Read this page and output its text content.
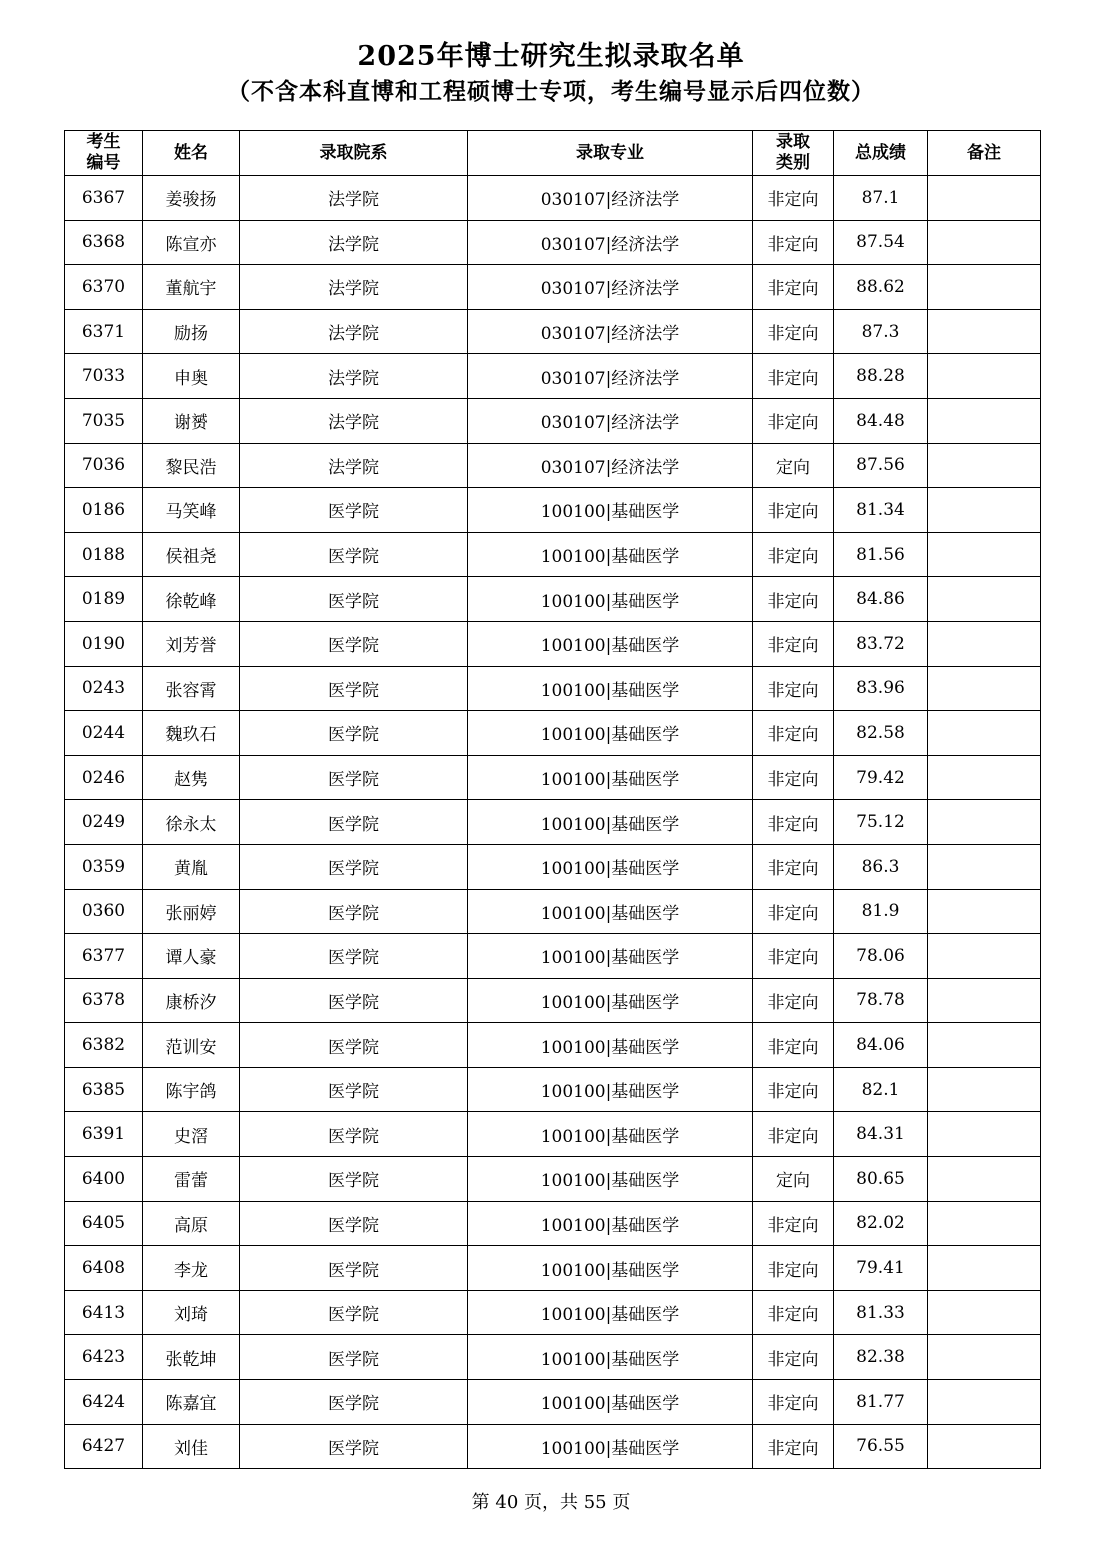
2025年博士研究生拟录取名单
（不含本科直博和工程硕博士专项，考生编号显示后四位数）
考生编号	姓名	录取院系	录取专业	录取类别	总成绩	备注
6367	姜骏扬	法学院	030107|经济法学	非定向	87.1	
6368	陈宣亦	法学院	030107|经济法学	非定向	87.54	
6370	董航宇	法学院	030107|经济法学	非定向	88.62	
6371	励扬	法学院	030107|经济法学	非定向	87.3	
7033	申奥	法学院	030107|经济法学	非定向	88.28	
7035	谢赟	法学院	030107|经济法学	非定向	84.48	
7036	黎民浩	法学院	030107|经济法学	定向	87.56	
0186	马笑峰	医学院	100100|基础医学	非定向	81.34	
0188	侯祖尧	医学院	100100|基础医学	非定向	81.56	
0189	徐乾峰	医学院	100100|基础医学	非定向	84.86	
0190	刘芳誉	医学院	100100|基础医学	非定向	83.72	
0243	张容霄	医学院	100100|基础医学	非定向	83.96	
0244	魏玖石	医学院	100100|基础医学	非定向	82.58	
0246	赵隽	医学院	100100|基础医学	非定向	79.42	
0249	徐永太	医学院	100100|基础医学	非定向	75.12	
0359	黄胤	医学院	100100|基础医学	非定向	86.3	
0360	张丽婷	医学院	100100|基础医学	非定向	81.9	
6377	谭人豪	医学院	100100|基础医学	非定向	78.06	
6378	康桥汐	医学院	100100|基础医学	非定向	78.78	
6382	范训安	医学院	100100|基础医学	非定向	84.06	
6385	陈宇鸽	医学院	100100|基础医学	非定向	82.1	
6391	史滘	医学院	100100|基础医学	非定向	84.31	
6400	雷蕾	医学院	100100|基础医学	定向	80.65	
6405	高原	医学院	100100|基础医学	非定向	82.02	
6408	李龙	医学院	100100|基础医学	非定向	79.41	
6413	刘琦	医学院	100100|基础医学	非定向	81.33	
6423	张乾坤	医学院	100100|基础医学	非定向	82.38	
6424	陈嘉宜	医学院	100100|基础医学	非定向	81.77	
6427	刘佳	医学院	100100|基础医学	非定向	76.55	
第 40 页，共 55 页
